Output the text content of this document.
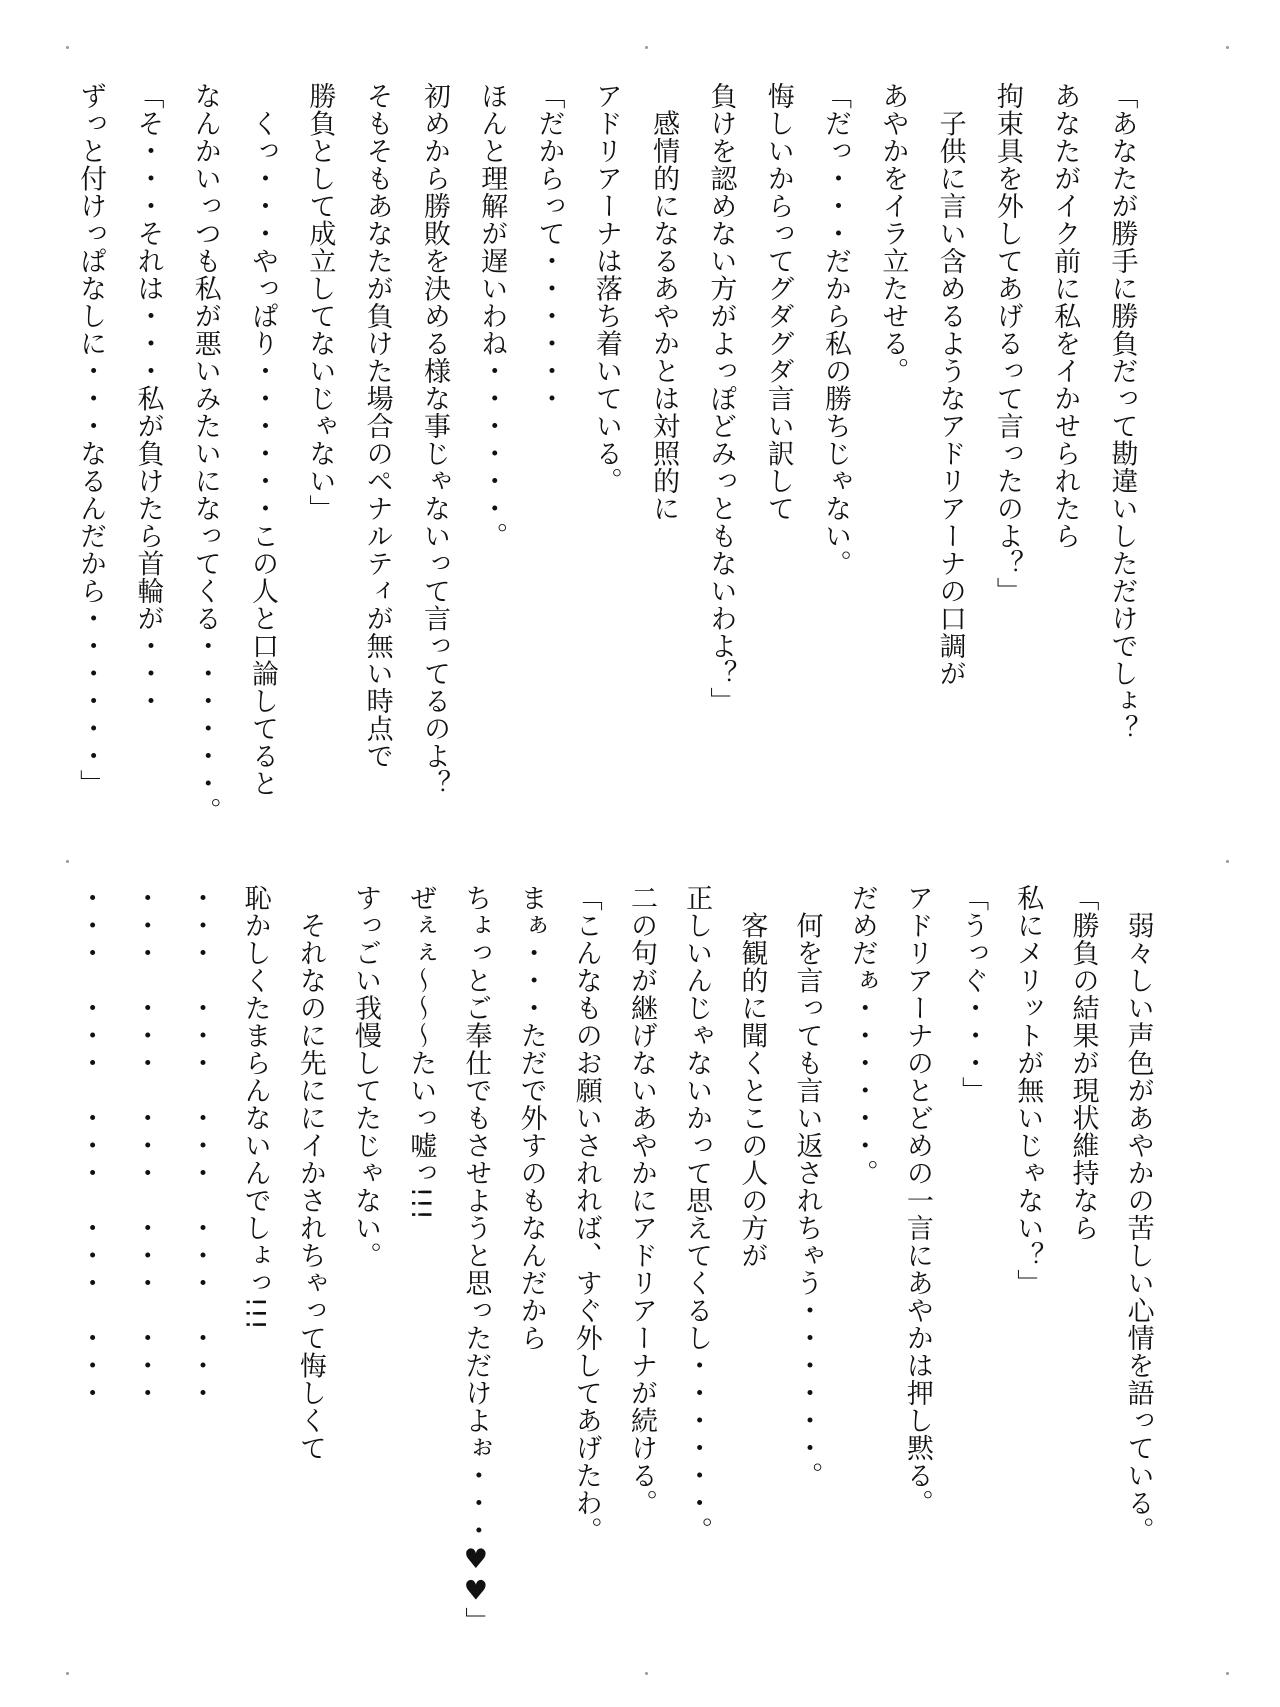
「あなたが勝手に勝負だって勘違いしただけでしょ？
あなたがイク前に私をイかせられたら
拘束具を外してあげるって言ったのよ？」
　子供に言い含めるようなアドリアーナの口調が
あやかをイラ立たせる。
「だっ・・・だから私の勝ちじゃない。
悔しいからってグダグダ言い訳して
負けを認めない方がよっぽどみっともないわよ？」
　感情的になるあやかとは対照的に
アドリアーナは落ち着いている。
「だからって・・・・・・
ほんと理解が遅いわね・・・・・・。
初めから勝敗を決める様な事じゃないって言ってるのよ？
そもそもあなたが負けた場合のペナルティが無い時点で
勝負として成立してないじゃない」
　くっ・・・やっぱり・・・・・・この人と口論してると
なんかいっつも私が悪いみたいになってくる・・・・・・。
「そ・・・それは・・・私が負けたら首輪が・・・
ずっと付けっぱなしに・・・なるんだから・・・・・・」
　弱々しい声色があやかの苦しい心情を語っている。
「勝負の結果が現状維持なら
私にメリットが無いじゃない？」
「うっぐ・・・」
アドリアーナのとどめの一言にあやかは押し黙る。
だめだぁ・・・・・・。
　何を言っても言い返されちゃう・・・・・・。
　客観的に聞くとこの人の方が
正しいんじゃないかって思えてくるし・・・・・・。
二の句が継げないあやかにアドリアーナが続ける。
「こんなものお願いされれば、すぐ外してあげたわ。
まぁ・・・ただで外すのもなんだから
ちょっとご奉仕でもさせようと思っただけよぉ・・・♥♥」
ぜぇぇ～～～たいっ嘘っ!!!
すっごい我慢してたじゃない。
　それなのに先ににイかされちゃって悔しくて
恥かしくたまらんないんでしょっ!!!
・・・　・・・　・・・　・・・　・・・
・・・　・・・　・・・　・・・　・・・
・・・　・・・　・・・　・・・　・・・
